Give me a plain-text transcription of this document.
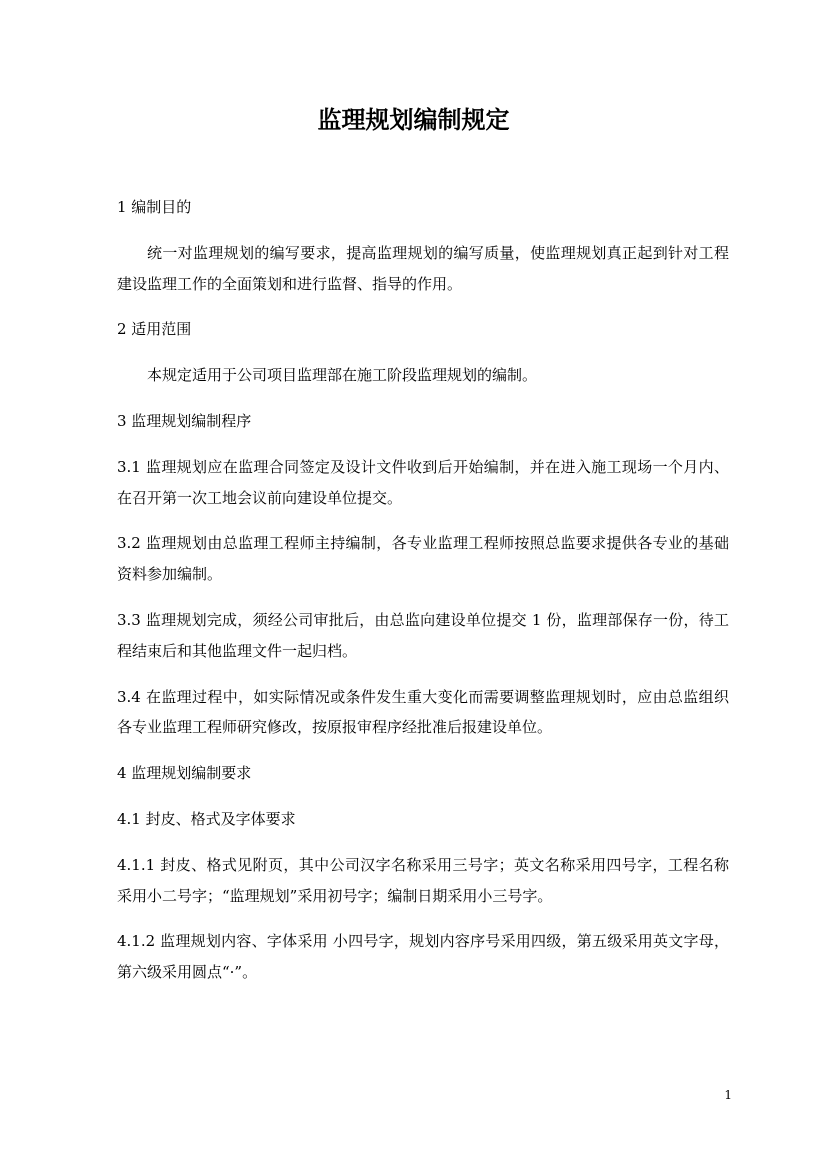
监理规划编制规定

1 编制目的

统一对监理规划的编写要求，提高监理规划的编写质量，使监理规划真正起到针对工程建设监理工作的全面策划和进行监督、指导的作用。

2 适用范围

本规定适用于公司项目监理部在施工阶段监理规划的编制。

3 监理规划编制程序

3.1 监理规划应在监理合同签定及设计文件收到后开始编制，并在进入施工现场一个月内、在召开第一次工地会议前向建设单位提交。

3.2 监理规划由总监理工程师主持编制，各专业监理工程师按照总监要求提供各专业的基础资料参加编制。

3.3 监理规划完成，须经公司审批后，由总监向建设单位提交 1 份，监理部保存一份，待工程结束后和其他监理文件一起归档。

3.4 在监理过程中，如实际情况或条件发生重大变化而需要调整监理规划时，应由总监组织各专业监理工程师研究修改，按原报审程序经批准后报建设单位。

4 监理规划编制要求

4.1 封皮、格式及字体要求

4.1.1 封皮、格式见附页，其中公司汉字名称采用三号字；英文名称采用四号字，工程名称采用小二号字；“监理规划”采用初号字；编制日期采用小三号字。

4.1.2 监理规划内容、字体采用 小四号字，规划内容序号采用四级，第五级采用英文字母，第六级采用圆点“·”。

1
